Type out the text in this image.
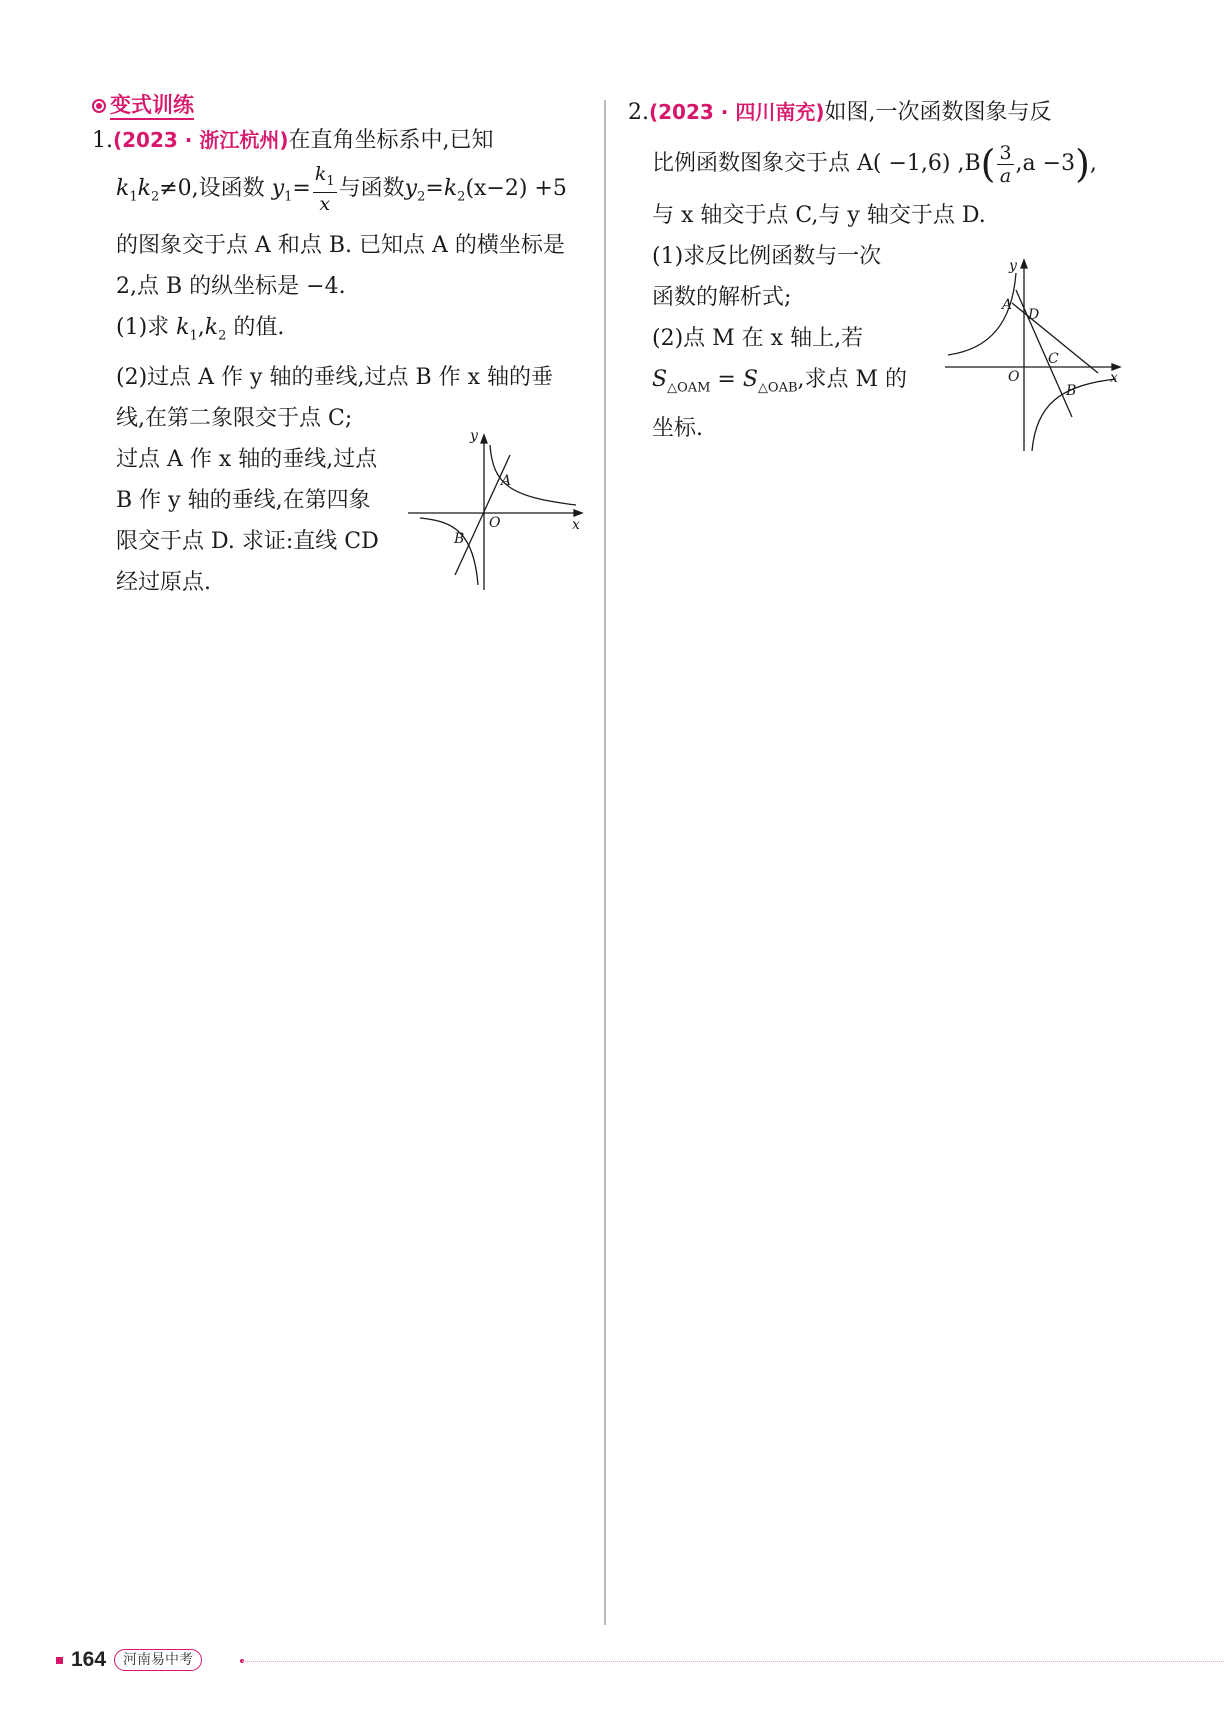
变式训练

1.(2023 · 浙江杭州)在直角坐标系中,已知

$k_1k_2\ne 0$,设函数 $y_1= \frac{k_1}{x}$ 与函数$y_2=k_2(x-2) +5$

的图象交于点 A 和点 B. 已知点 A 的横坐标是

2,点 B 的纵坐标是 −4.

(1)求 $k_1,k_2$ 的值.

(2)过点 A 作 y 轴的垂线,过点 B 作 x 轴的垂

线,在第二象限交于点 C;

过点 A 作 x 轴的垂线,过点

B 作 y 轴的垂线,在第四象

限交于点 D. 求证:直线 CD

经过原点.

y
x
O
A
B

2.(2023 · 四川南充)如图,一次函数图象与反

比例函数图象交于点 A( −1,6) $,B( \frac{3}{a} ,a -3)$,

与 x 轴交于点 C,与 y 轴交于点 D.

(1)求反比例函数与一次

函数的解析式;

(2)点 M 在 x 轴上,若

$S_{\triangle OAM} = S_{\triangle OAB}$,求点 M 的

坐标.

y
x
O
A
D
C
B
164	河南易中考
